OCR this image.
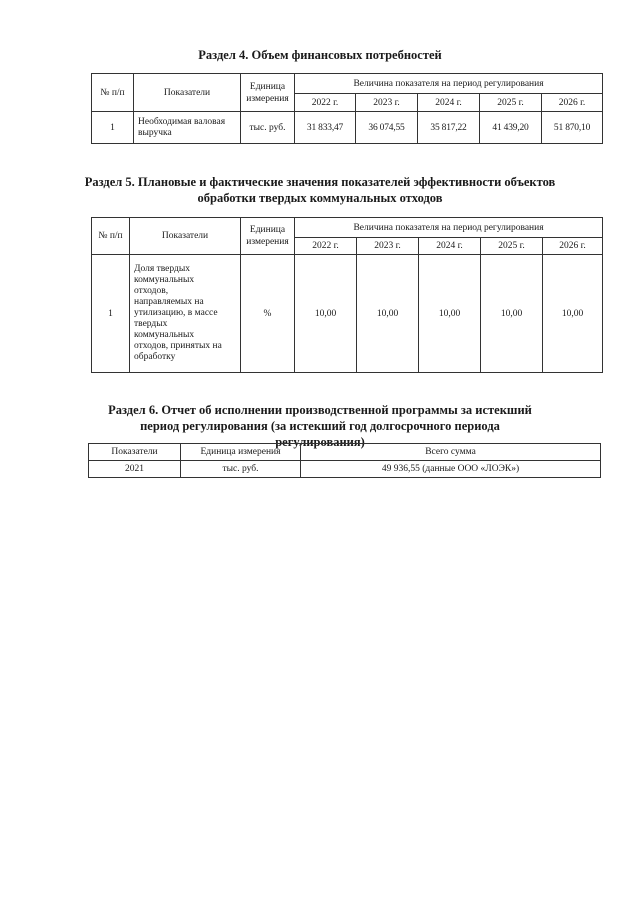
Раздел 4. Объем финансовых потребностей
№ п/п	Показатели	Единица измерения	Величина показателя на период регулирования				
			2022 г.	2023 г.	2024 г.	2025 г.	2026 г.
1	Необходимая валовая выручка	тыс. руб.	31 833,47	36 074,55	35 817,22	41 439,20	51 870,10
Раздел 5. Плановые и фактические значения показателей эффективности объектов обработки твердых коммунальных отходов
№ п/п	Показатели	Единица измерения	Величина показателя на период регулирования				
			2022 г.	2023 г.	2024 г.	2025 г.	2026 г.
1	Доля твердых коммунальных отходов, направляемых на утилизацию, в массе твердых коммунальных отходов, принятых на обработку	%	10,00	10,00	10,00	10,00	10,00
Раздел 6. Отчет об исполнении производственной программы за истекший период регулирования (за истекший год долгосрочного периода регулирования)
Показатели	Единица измерения	Всего сумма
2021	тыс. руб.	49 936,55 (данные ООО «ЛОЭК»)
